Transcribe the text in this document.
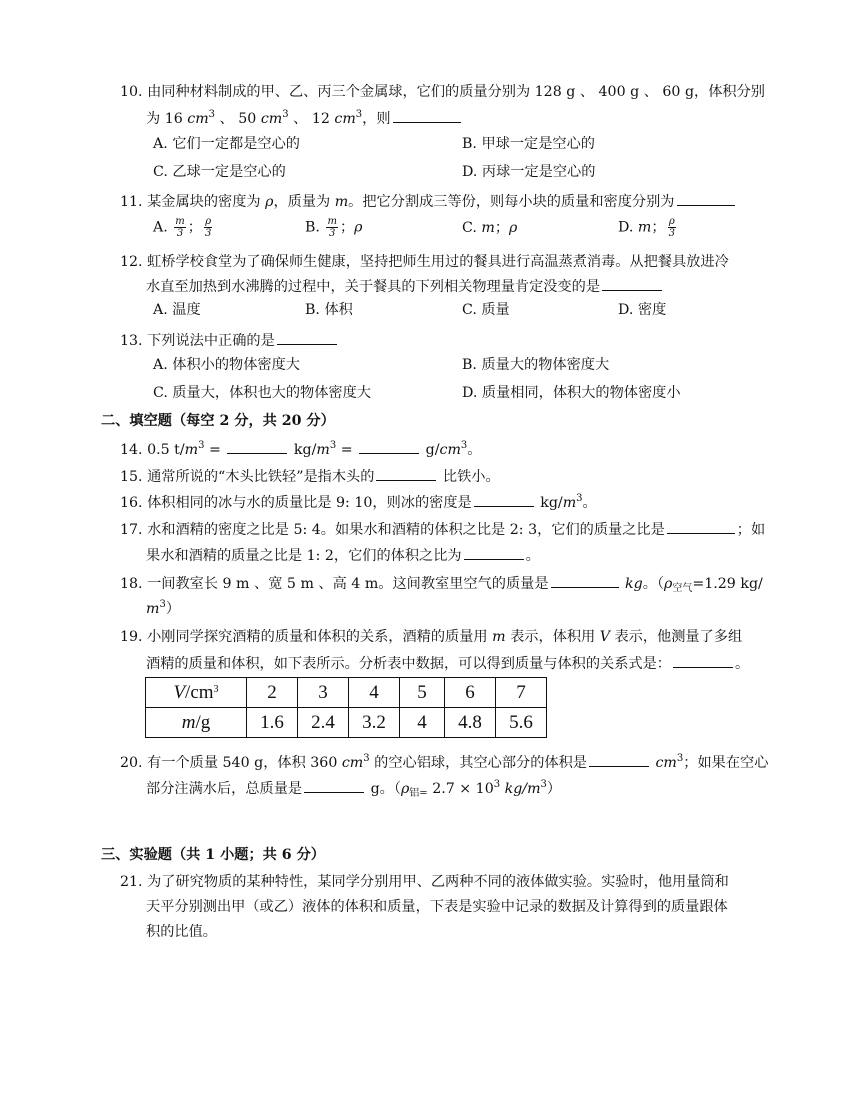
10. 由同种材料制成的甲、乙、丙三个金属球，它们的质量分别为 128 g 、 400 g 、 60 g，体积分别
为 16 $cm^3$ 、 50 $cm^3$ 、 12 $cm^3$，则
A. 它们一定都是空心的	B. 甲球一定是空心的
C. 乙球一定是空心的	D. 丙球一定是空心的
11. 某金属块的密度为 ρ，质量为 m。把它分割成三等份，则每小块的质量和密度分别为
A. $\frac{m}{3}$ ； $\frac{\rho}{3}$	B. $\frac{m}{3}$ ；ρ	C. m；ρ	D. m； $\frac{\rho}{3}$
12. 虹桥学校食堂为了确保师生健康，坚持把师生用过的餐具进行高温蒸煮消毒。从把餐具放进冷
水直至加热到水沸腾的过程中，关于餐具的下列相关物理量肯定没变的是
A. 温度	B. 体积	C. 质量	D. 密度
13. 下列说法中正确的是
A. 体积小的物体密度大	B. 质量大的物体密度大
C. 质量大，体积也大的物体密度大	D. 质量相同，体积大的物体密度小
二、填空题（每空 2 分，共 20 分）
14. 0.5 $t/m^3$ =	$kg/m^3$ =	$g/cm^3$。
15. 通常所说的“木头比铁轻”是指木头的	比铁小。
16. 体积相同的冰与水的质量比是 9: 10，则冰的密度是	$kg/m^3$。
17. 水和酒精的密度之比是 5: 4。如果水和酒精的体积之比是 2: 3，它们的质量之比是	；如
果水和酒精的质量之比是 1: 2，它们的体积之比为	。
18. 一间教室长 9 m 、宽 5 m 、高 4 m。这间教室里空气的质量是	kg。（$\rho_{空气}=1.29$ kg/
$m^3$）
19. 小刚同学探究酒精的质量和体积的关系，酒精的质量用 m 表示，体积用 V 表示，他测量了多组
酒精的质量和体积，如下表所示。分析表中数据，可以得到质量与体积的关系式是：	。
$V/cm^3$	2	3	4	5	6	7
m/g	1.6	2.4	3.2	4	4.8	5.6
20. 有一个质量 540 g，体积 360 $cm^3$ 的空心铝球，其空心部分的体积是	$cm^3$；如果在空心
部分注满水后，总质量是	g。（$\rho_{铝=}$ $2.7 \times 10^3$ $kg/m^3$）
三、实验题（共 1 小题；共 6 分）
21. 为了研究物质的某种特性，某同学分别用甲、乙两种不同的液体做实验。实验时，他用量筒和
天平分别测出甲（或乙）液体的体积和质量，下表是实验中记录的数据及计算得到的质量跟体
积的比值。
